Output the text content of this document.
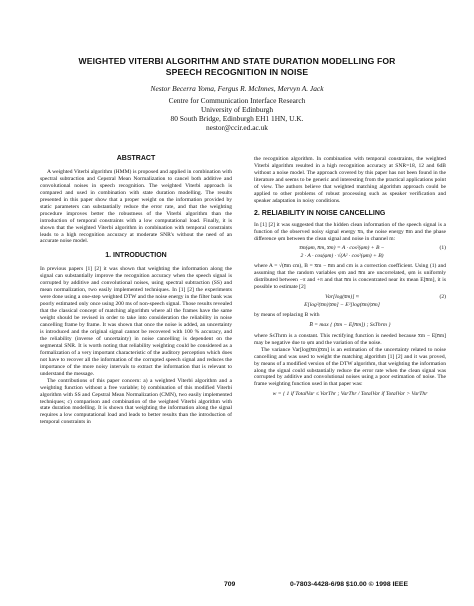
WEIGHTED VITERBI ALGORITHM AND STATE DURATION MODELLING FOR
SPEECH RECOGNITION IN NOISE
Nestor Becerra Yoma, Fergus R. McInnes, Mervyn A. Jack
Centre for Communication Interface Research
University of Edinburgh
80 South Bridge, Edinburgh EH1 1HN, U.K.
nestor@ccir.ed.ac.uk
ABSTRACT

A weighted Viterbi algorithm (HMM) is proposed and applied in combination with spectral subtraction and Cepstral Mean Normalization to cancel both additive and convolutional noises in speech recognition. The weighted Viterbi approach is compared and used in combination with state duration modelling. The results presented in this paper show that a proper weight on the information provided by static parameters can substantially reduce the error rate, and that the weighting procedure improves better the robustness of the Viterbi algorithm than the introduction of temporal constraints with a low computational load. Finally, it is shown that the weighted Viterbi algorithm in combination with temporal constraints leads to a high recognition accuracy at moderate SNR's without the need of an accurate noise model.

1. INTRODUCTION

In previous papers [1] [2] it was shown that weighting the information along the signal can substantially improve the recognition accuracy when the speech signal is corrupted by additive and convolutional noises, using spectral subtraction (SS) and mean normalization, two easily implemented techniques. In [1] [2] the experiments were done using a one-step weighted DTW and the noise energy in the filter bank was poorly estimated only once using 200 ms of non-speech signal. Those results revealed that the classical concept of matching algorithm where all the frames have the same weight should be revised in order to take into consideration the reliability in noise cancelling frame by frame. It was shown that once the noise is added, an uncertainty is introduced and the original signal cannot be recovered with 100 % accuracy, and the reliability (inverse of uncertainty) in noise cancelling is dependent on the segmental SNR. It is worth noting that reliability weighting could be considered as a formalization of a very important characteristic of the auditory perception which does not have to recover all the information of the corrupted speech signal and reduces the importance of the more noisy intervals to extract the information that is relevant to understand the message.

The contributions of this paper concern: a) a weighted Viterbi algorithm and a weighting function without a free variable; b) combination of this modified Viterbi algorithm with SS and Cepstral Mean Normalization (CMN), two easily implemented techniques; c) comparison and combination of the weighted Viterbi algorithm with state duration modelling. It is shown that weighting the information along the signal requires a low computational load and leads to better results than the introduction of temporal constraints in

the recognition algorithm. In combination with temporal constraints, the weighted Viterbi algorithm resulted in a high recognition accuracy at SNR=18, 12 and 6dB without a noise model. The approach covered by this paper has not been found in the literature and seems to be generic and interesting from the practical applications point of view. The authors believe that weighted matching algorithm approach could be applied to other problems of robust processing such as speaker verification and speaker adaptation in noisy conditions.

2. RELIABILITY IN NOISE CANCELLING

In [1] [2] it was suggested that the hidden clean information of the speech signal is a function of the observed noisy signal energy x̅n, the noise energy n̅m and the phase difference φm between the clean signal and noise in channel m:

s̅m(φm, n̅m, x̅m) = A · cos²(φm) + B −
2 · A · cos(φm) · √(A² · cos²(φm) + B)
(1)

where A = √(n̅m cm), B = x̅m − n̅m and cm is a correction coefficient. Using (1) and assuming that the random variables φm and n̅m are uncorrelated, φm is uniformly distributed between −π and +π and that n̅m is concentrated near its mean E[n̅m], it is possible to estimate [2]

Var[log(s̅m)] ≈
E[log²(s̅m)|x̅m] − E²[log(s̅m)|x̅m]
(2)

by means of replacing B with

B̅ = max { (x̅m − E[n̅m]) ; SsThrm }

where SsThrm is a constant. This rectifying function is needed because x̅m − E[n̅m] may be negative due to φm and the variation of the noise.

The variance Var[log(s̅m)|x̅m] is an estimation of the uncertainty related to noise cancelling and was used to weight the matching algorithm [1] [2] and it was proved, by means of a modified version of the DTW algorithm, that weighting the information along the signal could substantially reduce the error rate when the clean signal was corrupted by additive and convolutional noises using a poor estimation of noise. The frame weighting function used in that paper was:

w = { 1 if TotalVar ≤ VarThr ; VarThr / TotalVar if TotalVar > VarThr
709	0-7803-4428-6/98 $10.00 © 1998 IEEE
